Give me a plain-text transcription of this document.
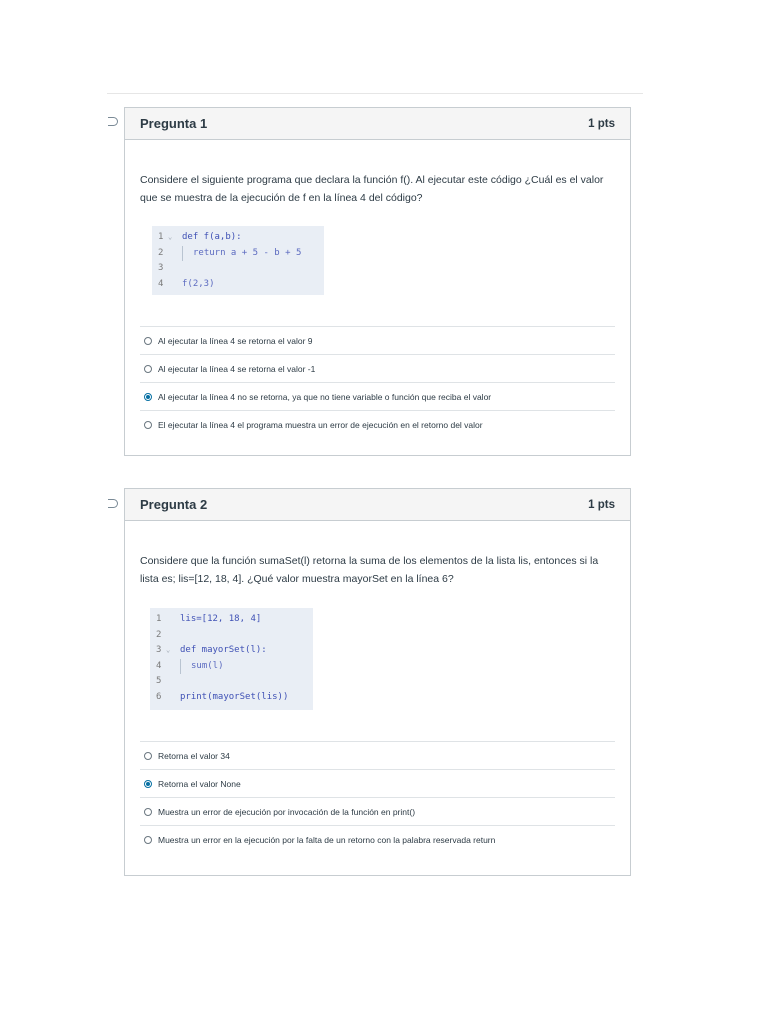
Pregunta 1	1 pts

Considere el siguiente programa que declara la función f(). Al ejecutar este código ¿Cuál es el valor que se muestra de la ejecución de f en la línea 4 del código?

1 ⌄	def f(a,b):
2	return a + 5 - b + 5
3
4	f(2,3)
Al ejecutar la línea 4 se retorna el valor 9
Al ejecutar la línea 4 se retorna el valor -1
Al ejecutar la línea 4 no se retorna, ya que no tiene variable o función que reciba el valor
El ejecutar la línea 4 el programa muestra un error de ejecución en el retorno del valor
Pregunta 2	1 pts

Considere que la función sumaSet(l) retorna la suma de los elementos de la lista lis, entonces si la lista es; lis=[12, 18, 4]. ¿Qué valor muestra mayorSet en la línea 6?

1	lis=[12, 18, 4]
2
3 ⌄	def mayorSet(l):
4	sum(l)
5
6	print(mayorSet(lis))
Retorna el valor 34
Retorna el valor None
Muestra un error de ejecución por invocación de la función en print()
Muestra un error en la ejecución por la falta de un retorno con la palabra reservada return
